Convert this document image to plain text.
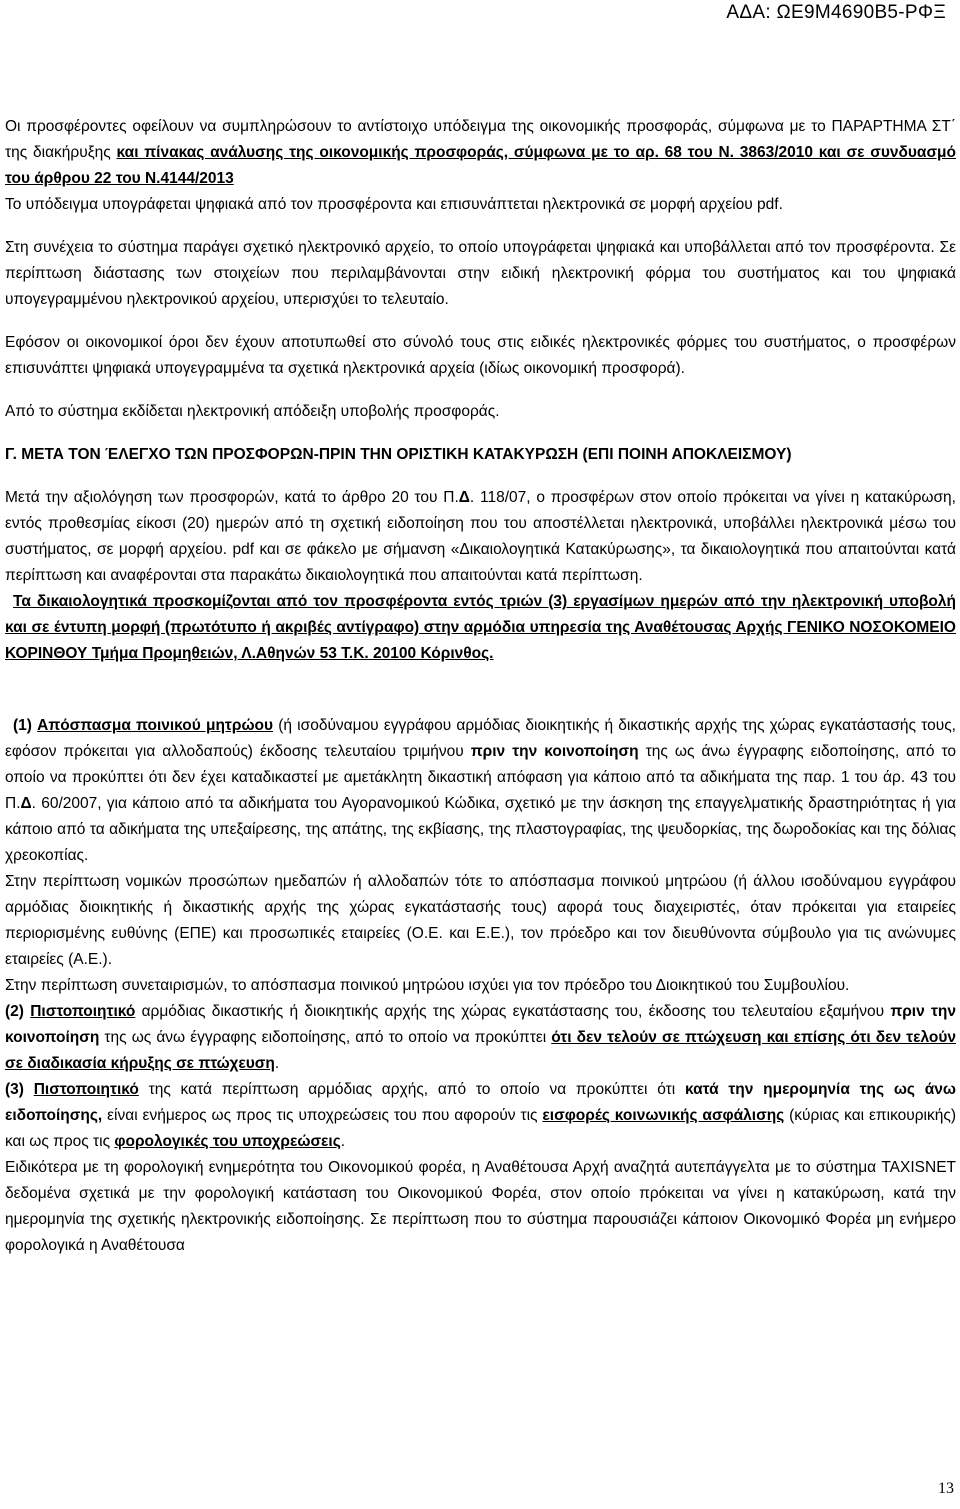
ΑΔΑ: ΩΕ9Μ4690Β5-ΡΦΞ

Οι προσφέροντες οφείλουν να συμπληρώσουν το αντίστοιχο υπόδειγμα της οικονομικής προσφοράς, σύμφωνα με το ΠΑΡΑΡΤΗΜΑ ΣΤ΄ της διακήρυξης και πίνακας ανάλυσης της οικονομικής προσφοράς, σύμφωνα με το αρ. 68 του Ν. 3863/2010 και σε συνδυασμό του άρθρου 22 του Ν.4144/2013
Το υπόδειγμα υπογράφεται ψηφιακά από τον προσφέροντα και επισυνάπτεται ηλεκτρονικά σε μορφή αρχείου pdf.

Στη συνέχεια το σύστημα παράγει σχετικό ηλεκτρονικό αρχείο, το οποίο υπογράφεται ψηφιακά και υποβάλλεται από τον προσφέροντα. Σε περίπτωση διάστασης των στοιχείων που περιλαμβάνονται στην ειδική ηλεκτρονική φόρμα του συστήματος και του ψηφιακά υπογεγραμμένου ηλεκτρονικού αρχείου, υπερισχύει το τελευταίο.

Εφόσον οι οικονομικοί όροι δεν έχουν αποτυπωθεί στο σύνολό τους στις ειδικές ηλεκτρονικές φόρμες του συστήματος, ο προσφέρων επισυνάπτει ψηφιακά υπογεγραμμένα τα σχετικά ηλεκτρονικά αρχεία (ιδίως οικονομική προσφορά).

Από το σύστημα εκδίδεται ηλεκτρονική απόδειξη υποβολής προσφοράς.

Γ. ΜΕΤΑ ΤΟΝ ΈΛΕΓΧΟ ΤΩΝ ΠΡΟΣΦΟΡΩΝ-ΠΡΙΝ ΤΗΝ ΟΡΙΣΤΙΚΗ ΚΑΤΑΚΥΡΩΣΗ (ΕΠΙ ΠΟΙΝΗ ΑΠΟΚΛΕΙΣΜΟΥ)

Μετά την αξιολόγηση των προσφορών, κατά το άρθρο 20 του Π.Δ. 118/07, ο προσφέρων στον οποίο πρόκειται να γίνει η κατακύρωση, εντός προθεσμίας είκοσι (20) ημερών από τη σχετική ειδοποίηση που του αποστέλλεται ηλεκτρονικά, υποβάλλει ηλεκτρονικά μέσω του συστήματος, σε μορφή αρχείου. pdf και σε φάκελο με σήμανση «Δικαιολογητικά Κατακύρωσης», τα δικαιολογητικά που απαιτούνται κατά περίπτωση και αναφέρονται στα παρακάτω δικαιολογητικά που απαιτούνται κατά περίπτωση.

Τα δικαιολογητικά προσκομίζονται από τον προσφέροντα εντός τριών (3) εργασίμων ημερών από την ηλεκτρονική υποβολή και σε έντυπη μορφή (πρωτότυπο ή ακριβές αντίγραφο) στην αρμόδια υπηρεσία της Αναθέτουσας Αρχής ΓΕΝΙΚΟ ΝΟΣΟΚΟΜΕΙΟ ΚΟΡΙΝΘΟΥ Τμήμα Προμηθειών, Λ.Αθηνών 53 Τ.Κ. 20100 Κόρινθος.

(1) Απόσπασμα ποινικού μητρώου (ή ισοδύναμου εγγράφου αρμόδιας διοικητικής ή δικαστικής αρχής της χώρας εγκατάστασής τους, εφόσον πρόκειται για αλλοδαπούς) έκδοσης τελευταίου τριμήνου πριν την κοινοποίηση της ως άνω έγγραφης ειδοποίησης, από το οποίο να προκύπτει ότι δεν έχει καταδικαστεί με αμετάκλητη δικαστική απόφαση για κάποιο από τα αδικήματα της παρ. 1 του άρ. 43 του Π.Δ. 60/2007, για κάποιο από τα αδικήματα του Αγορανομικού Κώδικα, σχετικό με την άσκηση της επαγγελματικής δραστηριότητας ή για κάποιο από τα αδικήματα της υπεξαίρεσης, της απάτης, της εκβίασης, της πλαστογραφίας, της ψευδορκίας, της δωροδοκίας και της δόλιας χρεοκοπίας.

Στην περίπτωση νομικών προσώπων ημεδαπών ή αλλοδαπών τότε το απόσπασμα ποινικού μητρώου (ή άλλου ισοδύναμου εγγράφου αρμόδιας διοικητικής ή δικαστικής αρχής της χώρας εγκατάστασής τους) αφορά τους διαχειριστές, όταν πρόκειται για εταιρείες περιορισμένης ευθύνης (ΕΠΕ) και προσωπικές εταιρείες (Ο.Ε. και Ε.Ε.), τον πρόεδρο και τον διευθύνοντα σύμβουλο για τις ανώνυμες εταιρείες (Α.Ε.).

Στην περίπτωση συνεταιρισμών, το απόσπασμα ποινικού μητρώου ισχύει για τον πρόεδρο του Διοικητικού του Συμβουλίου.

(2) Πιστοποιητικό αρμόδιας δικαστικής ή διοικητικής αρχής της χώρας εγκατάστασης του, έκδοσης του τελευταίου εξαμήνου πριν την κοινοποίηση της ως άνω έγγραφης ειδοποίησης, από το οποίο να προκύπτει ότι δεν τελούν σε πτώχευση και επίσης ότι δεν τελούν σε διαδικασία κήρυξης σε πτώχευση.

(3) Πιστοποιητικό της κατά περίπτωση αρμόδιας αρχής, από το οποίο να προκύπτει ότι κατά την ημερομηνία της ως άνω ειδοποίησης, είναι ενήμερος ως προς τις υποχρεώσεις του που αφορούν τις εισφορές κοινωνικής ασφάλισης (κύριας και επικουρικής) και ως προς τις φορολογικές του υποχρεώσεις.

Ειδικότερα με τη φορολογική ενημερότητα του Οικονομικού φορέα, η Αναθέτουσα Αρχή αναζητά αυτεπάγγελτα με το σύστημα TAXISNET δεδομένα σχετικά με την φορολογική κατάσταση του Οικονομικού Φορέα, στον οποίο πρόκειται να γίνει η κατακύρωση, κατά την ημερομηνία της σχετικής ηλεκτρονικής ειδοποίησης. Σε περίπτωση που το σύστημα παρουσιάζει κάποιον Οικονομικό Φορέα μη ενήμερο φορολογικά η Αναθέτουσα

13
